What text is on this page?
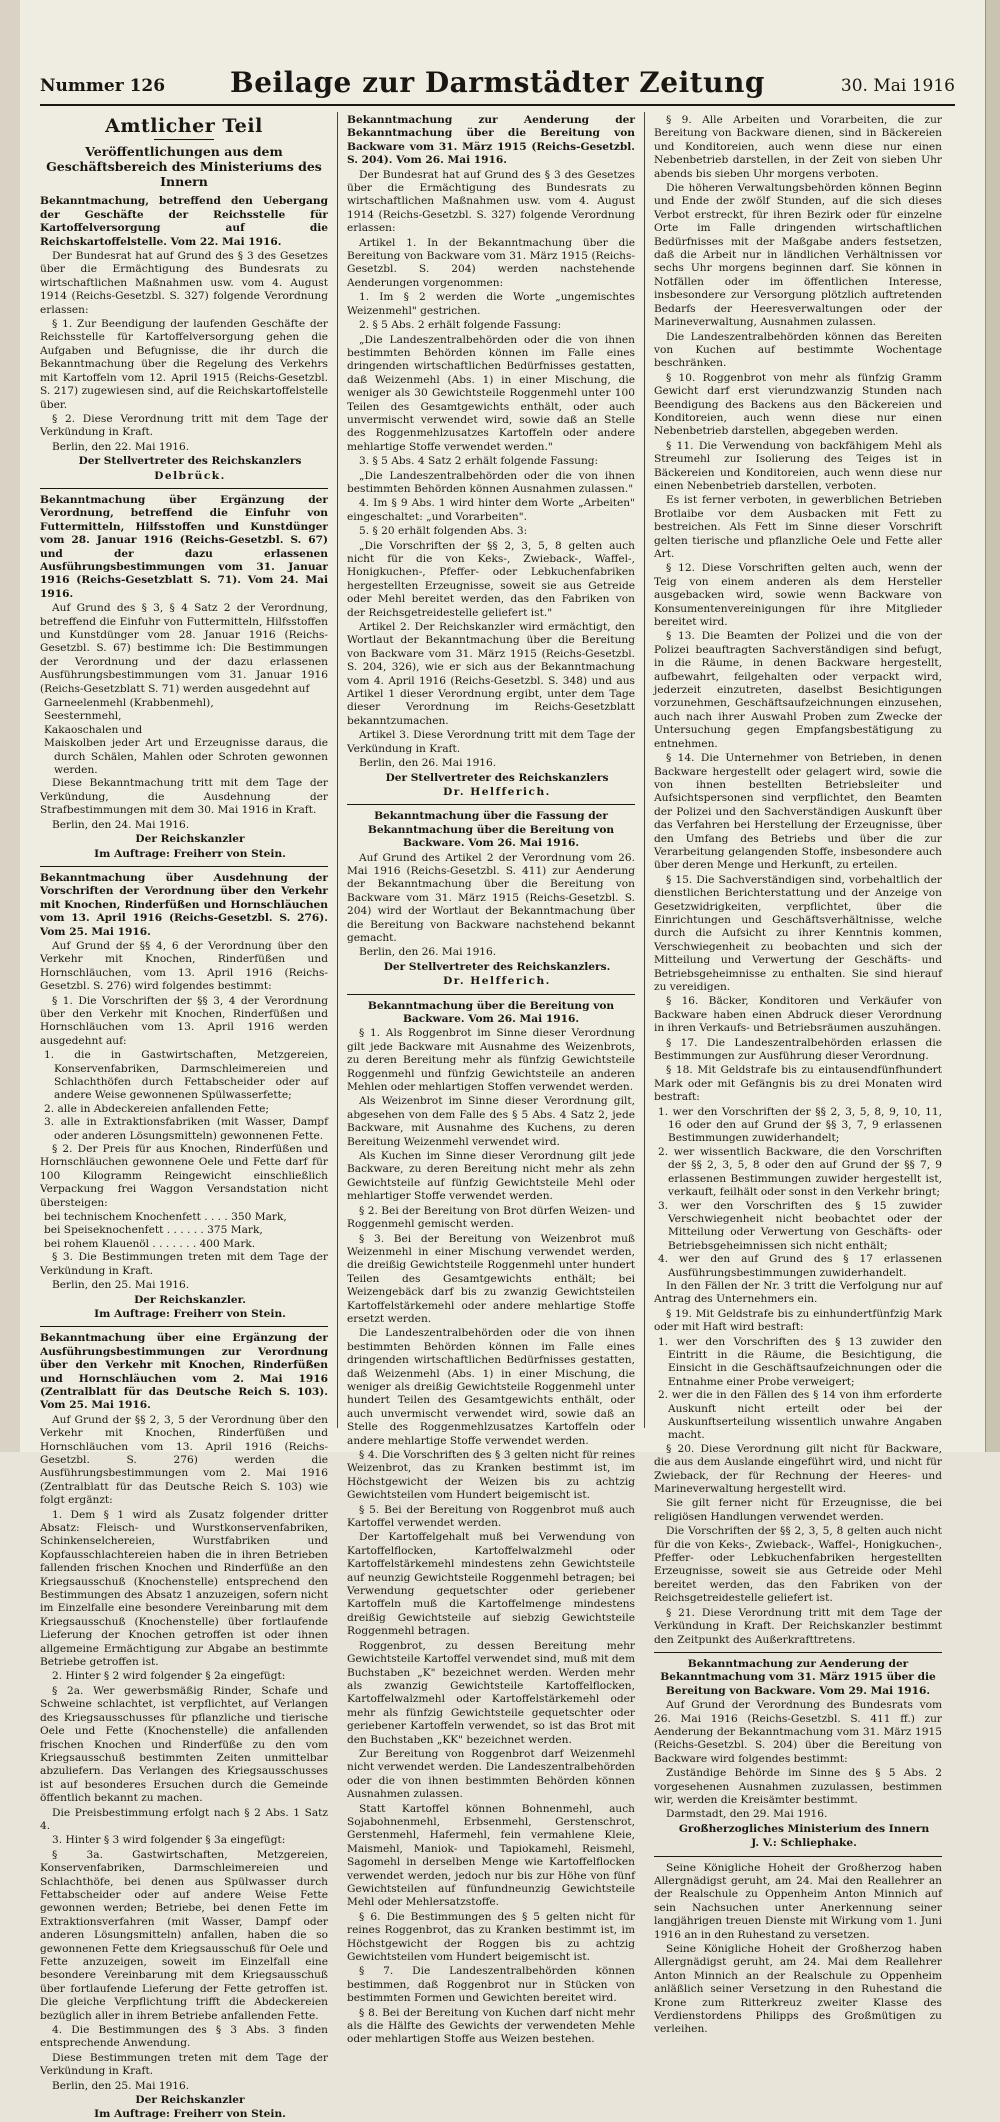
Nummer 126	Beilage zur Darmstädter Zeitung	30. Mai 1916
Amtlicher Teil
Veröffentlichungen aus dem Geschäftsbereich des Ministeriums des Innern

Bekanntmachung, betreffend den Uebergang der Geschäfte der Reichsstelle für Kartoffelversorgung auf die Reichskartoffelstelle. Vom 22. Mai 1916.

Der Bundesrat hat auf Grund des § 3 des Gesetzes über die Ermächtigung des Bundesrats zu wirtschaftlichen Maßnahmen usw. vom 4. August 1914 (Reichs-Gesetzbl. S. 327) folgende Verordnung erlassen:

§ 1. Zur Beendigung der laufenden Geschäfte der Reichsstelle für Kartoffelversorgung gehen die Aufgaben und Befugnisse, die ihr durch die Bekanntmachung über die Regelung des Verkehrs mit Kartoffeln vom 12. April 1915 (Reichs-Gesetzbl. S. 217) zugewiesen sind, auf die Reichskartoffelstelle über.

§ 2. Diese Verordnung tritt mit dem Tage der Verkündung in Kraft.

Berlin, den 22. Mai 1916.

Der Stellvertreter des Reichskanzlers

Delbrück.

Bekanntmachung über Ergänzung der Verordnung, betreffend die Einfuhr von Futtermitteln, Hilfsstoffen und Kunstdünger vom 28. Januar 1916 (Reichs-Gesetzbl. S. 67) und der dazu erlassenen Ausführungsbestimmungen vom 31. Januar 1916 (Reichs-Gesetzblatt S. 71). Vom 24. Mai 1916.

Auf Grund des § 3, § 4 Satz 2 der Verordnung, betreffend die Einfuhr von Futtermitteln, Hilfsstoffen und Kunstdünger vom 28. Januar 1916 (Reichs-Gesetzbl. S. 67) bestimme ich: Die Bestimmungen der Verordnung und der dazu erlassenen Ausführungsbestimmungen vom 31. Januar 1916 (Reichs-Gesetzblatt S. 71) werden ausgedehnt auf

Garneelenmehl (Krabbenmehl),
Seesternmehl,
Kakaoschalen und
Maiskolben jeder Art und Erzeugnisse daraus, die durch Schälen, Mahlen oder Schroten gewonnen werden.

Diese Bekanntmachung tritt mit dem Tage der Verkündung, die Ausdehnung der Strafbestimmungen mit dem 30. Mai 1916 in Kraft.

Berlin, den 24. Mai 1916.

Der Reichskanzler

Im Auftrage: Freiherr von Stein.

Bekanntmachung über Ausdehnung der Vorschriften der Verordnung über den Verkehr mit Knochen, Rinderfüßen und Hornschläuchen vom 13. April 1916 (Reichs-Gesetzbl. S. 276). Vom 25. Mai 1916.

Auf Grund der §§ 4, 6 der Verordnung über den Verkehr mit Knochen, Rinderfüßen und Hornschläuchen, vom 13. April 1916 (Reichs-Gesetzbl. S. 276) wird folgendes bestimmt:

§ 1. Die Vorschriften der §§ 3, 4 der Verordnung über den Verkehr mit Knochen, Rinderfüßen und Hornschläuchen vom 13. April 1916 werden ausgedehnt auf:

1. die in Gastwirtschaften, Metzgereien, Konservenfabriken, Darmschleimereien und Schlachthöfen durch Fettabscheider oder auf andere Weise gewonnenen Spülwasserfette;
2. alle in Abdeckereien anfallenden Fette;
3. alle in Extraktionsfabriken (mit Wasser, Dampf oder anderen Lösungsmitteln) gewonnenen Fette.

§ 2. Der Preis für aus Knochen, Rinderfüßen und Hornschläuchen gewonnene Oele und Fette darf für 100 Kilogramm Reingewicht einschließlich Verpackung frei Waggon Versandstation nicht übersteigen:

bei technischem Knochenfett . . . . 350 Mark,
bei Speiseknochenfett . . . . . . 375 Mark,
bei rohem Klauenöl . . . . . . . 400 Mark.

§ 3. Die Bestimmungen treten mit dem Tage der Verkündung in Kraft.

Berlin, den 25. Mai 1916.

Der Reichskanzler.

Im Auftrage: Freiherr von Stein.

Bekanntmachung über eine Ergänzung der Ausführungsbestimmungen zur Verordnung über den Verkehr mit Knochen, Rinderfüßen und Hornschläuchen vom 2. Mai 1916 (Zentralblatt für das Deutsche Reich S. 103). Vom 25. Mai 1916.

Auf Grund der §§ 2, 3, 5 der Verordnung über den Verkehr mit Knochen, Rinderfüßen und Hornschläuchen vom 13. April 1916 (Reichs-Gesetzbl. S. 276) werden die Ausführungsbestimmungen vom 2. Mai 1916 (Zentralblatt für das Deutsche Reich S. 103) wie folgt ergänzt:

1. Dem § 1 wird als Zusatz folgender dritter Absatz: Fleisch- und Wurstkonservenfabriken, Schinkenselchereien, Wurstfabriken und Kopfausschlachtereien haben die in ihren Betrieben fallenden frischen Knochen und Rinderfüße an den Kriegsausschuß (Knochenstelle) entsprechend den Bestimmungen des Absatz 1 anzuzeigen, sofern nicht im Einzelfalle eine besondere Vereinbarung mit dem Kriegsausschuß (Knochenstelle) über fortlaufende Lieferung der Knochen getroffen ist oder ihnen allgemeine Ermächtigung zur Abgabe an bestimmte Betriebe getroffen ist.

2. Hinter § 2 wird folgender § 2a eingefügt:

§ 2a. Wer gewerbsmäßig Rinder, Schafe und Schweine schlachtet, ist verpflichtet, auf Verlangen des Kriegsausschusses für pflanzliche und tierische Oele und Fette (Knochenstelle) die anfallenden frischen Knochen und Rinderfüße zu den vom Kriegsausschuß bestimmten Zeiten unmittelbar abzuliefern. Das Verlangen des Kriegsausschusses ist auf besonderes Ersuchen durch die Gemeinde öffentlich bekannt zu machen.

Die Preisbestimmung erfolgt nach § 2 Abs. 1 Satz 4.

3. Hinter § 3 wird folgender § 3a eingefügt:

§ 3a. Gastwirtschaften, Metzgereien, Konservenfabriken, Darmschleimereien und Schlachthöfe, bei denen aus Spülwasser durch Fettabscheider oder auf andere Weise Fette gewonnen werden; Betriebe, bei denen Fette im Extraktionsverfahren (mit Wasser, Dampf oder anderen Lösungsmitteln) anfallen, haben die so gewonnenen Fette dem Kriegsausschuß für Oele und Fette anzuzeigen, soweit im Einzelfall eine besondere Vereinbarung mit dem Kriegsausschuß über fortlaufende Lieferung der Fette getroffen ist. Die gleiche Verpflichtung trifft die Abdeckereien bezüglich aller in ihrem Betriebe anfallenden Fette.

4. Die Bestimmungen des § 3 Abs. 3 finden entsprechende Anwendung.

Diese Bestimmungen treten mit dem Tage der Verkündung in Kraft.

Berlin, den 25. Mai 1916.

Der Reichskanzler

Im Auftrage: Freiherr von Stein.

Bekanntmachung zur Aenderung der Bekanntmachung über die Bereitung von Backware vom 31. März 1915 (Reichs-Gesetzbl. S. 204). Vom 26. Mai 1916.

Der Bundesrat hat auf Grund des § 3 des Gesetzes über die Ermächtigung des Bundesrats zu wirtschaftlichen Maßnahmen usw. vom 4. August 1914 (Reichs-Gesetzbl. S. 327) folgende Verordnung erlassen:

Artikel 1. In der Bekanntmachung über die Bereitung von Backware vom 31. März 1915 (Reichs-Gesetzbl. S. 204) werden nachstehende Aenderungen vorgenommen:

1. Im § 2 werden die Worte „ungemischtes Weizenmehl" gestrichen.

2. § 5 Abs. 2 erhält folgende Fassung:

„Die Landeszentralbehörden oder die von ihnen bestimmten Behörden können im Falle eines dringenden wirtschaftlichen Bedürfnisses gestatten, daß Weizenmehl (Abs. 1) in einer Mischung, die weniger als 30 Gewichtsteile Roggenmehl unter 100 Teilen des Gesamtgewichts enthält, oder auch unvermischt verwendet wird, sowie daß an Stelle des Roggenmehlzusatzes Kartoffeln oder andere mehlartige Stoffe verwendet werden."

3. § 5 Abs. 4 Satz 2 erhält folgende Fassung:

„Die Landeszentralbehörden oder die von ihnen bestimmten Behörden können Ausnahmen zulassen."

4. Im § 9 Abs. 1 wird hinter dem Worte „Arbeiten" eingeschaltet: „und Vorarbeiten".

5. § 20 erhält folgenden Abs. 3:

„Die Vorschriften der §§ 2, 3, 5, 8 gelten auch nicht für die von Keks-, Zwieback-, Waffel-, Honigkuchen-, Pfeffer- oder Lebkuchenfabriken hergestellten Erzeugnisse, soweit sie aus Getreide oder Mehl bereitet werden, das den Fabriken von der Reichsgetreidestelle geliefert ist."

Artikel 2. Der Reichskanzler wird ermächtigt, den Wortlaut der Bekanntmachung über die Bereitung von Backware vom 31. März 1915 (Reichs-Gesetzbl. S. 204, 326), wie er sich aus der Bekanntmachung vom 4. April 1916 (Reichs-Gesetzbl. S. 348) und aus Artikel 1 dieser Verordnung ergibt, unter dem Tage dieser Verordnung im Reichs-Gesetzblatt bekanntzumachen.

Artikel 3. Diese Verordnung tritt mit dem Tage der Verkündung in Kraft.

Berlin, den 26. Mai 1916.

Der Stellvertreter des Reichskanzlers

Dr. Helfferich.

Bekanntmachung über die Fassung der Bekanntmachung über die Bereitung von Backware. Vom 26. Mai 1916.

Auf Grund des Artikel 2 der Verordnung vom 26. Mai 1916 (Reichs-Gesetzbl. S. 411) zur Aenderung der Bekanntmachung über die Bereitung von Backware vom 31. März 1915 (Reichs-Gesetzbl. S. 204) wird der Wortlaut der Bekanntmachung über die Bereitung von Backware nachstehend bekannt gemacht.

Berlin, den 26. Mai 1916.

Der Stellvertreter des Reichskanzlers.

Dr. Helfferich.

Bekanntmachung über die Bereitung von Backware. Vom 26. Mai 1916.

§ 1. Als Roggenbrot im Sinne dieser Verordnung gilt jede Backware mit Ausnahme des Weizenbrots, zu deren Bereitung mehr als fünfzig Gewichtsteile Roggenmehl und fünfzig Gewichtsteile an anderen Mehlen oder mehlartigen Stoffen verwendet werden.

Als Weizenbrot im Sinne dieser Verordnung gilt, abgesehen von dem Falle des § 5 Abs. 4 Satz 2, jede Backware, mit Ausnahme des Kuchens, zu deren Bereitung Weizenmehl verwendet wird.

Als Kuchen im Sinne dieser Verordnung gilt jede Backware, zu deren Bereitung nicht mehr als zehn Gewichtsteile auf fünfzig Gewichtsteile Mehl oder mehlartiger Stoffe verwendet werden.

§ 2. Bei der Bereitung von Brot dürfen Weizen- und Roggenmehl gemischt werden.

§ 3. Bei der Bereitung von Weizenbrot muß Weizenmehl in einer Mischung verwendet werden, die dreißig Gewichtsteile Roggenmehl unter hundert Teilen des Gesamtgewichts enthält; bei Weizengebäck darf bis zu zwanzig Gewichtsteilen Kartoffelstärkemehl oder andere mehlartige Stoffe ersetzt werden.

Die Landeszentralbehörden oder die von ihnen bestimmten Behörden können im Falle eines dringenden wirtschaftlichen Bedürfnisses gestatten, daß Weizenmehl (Abs. 1) in einer Mischung, die weniger als dreißig Gewichtsteile Roggenmehl unter hundert Teilen des Gesamtgewichts enthält, oder auch unvermischt verwendet wird, sowie daß an Stelle des Roggenmehlzusatzes Kartoffeln oder andere mehlartige Stoffe verwendet werden.

§ 4. Die Vorschriften des § 3 gelten nicht für reines Weizenbrot, das zu Kranken bestimmt ist, im Höchstgewicht der Weizen bis zu achtzig Gewichtsteilen vom Hundert beigemischt ist.

§ 5. Bei der Bereitung von Roggenbrot muß auch Kartoffel verwendet werden.

Der Kartoffelgehalt muß bei Verwendung von Kartoffelflocken, Kartoffelwalzmehl oder Kartoffelstärkemehl mindestens zehn Gewichtsteile auf neunzig Gewichtsteile Roggenmehl betragen; bei Verwendung gequetschter oder geriebener Kartoffeln muß die Kartoffelmenge mindestens dreißig Gewichtsteile auf siebzig Gewichtsteile Roggenmehl betragen.

Roggenbrot, zu dessen Bereitung mehr Gewichtsteile Kartoffel verwendet sind, muß mit dem Buchstaben „K" bezeichnet werden. Werden mehr als zwanzig Gewichtsteile Kartoffelflocken, Kartoffelwalzmehl oder Kartoffelstärkemehl oder mehr als fünfzig Gewichtsteile gequetschter oder geriebener Kartoffeln verwendet, so ist das Brot mit den Buchstaben „KK" bezeichnet werden.

Zur Bereitung von Roggenbrot darf Weizenmehl nicht verwendet werden. Die Landeszentralbehörden oder die von ihnen bestimmten Behörden können Ausnahmen zulassen.

Statt Kartoffel können Bohnenmehl, auch Sojabohnenmehl, Erbsenmehl, Gerstenschrot, Gerstenmehl, Hafermehl, fein vermahlene Kleie, Maismehl, Maniok- und Tapiokamehl, Reismehl, Sagomehl in derselben Menge wie Kartoffelflocken verwendet werden, jedoch nur bis zur Höhe von fünf Gewichtsteilen auf fünfundneunzig Gewichtsteile Mehl oder Mehlersatzstoffe.

§ 6. Die Bestimmungen des § 5 gelten nicht für reines Roggenbrot, das zu Kranken bestimmt ist, im Höchstgewicht der Roggen bis zu achtzig Gewichtsteilen vom Hundert beigemischt ist.

§ 7. Die Landeszentralbehörden können bestimmen, daß Roggenbrot nur in Stücken von bestimmten Formen und Gewichten bereitet wird.

§ 8. Bei der Bereitung von Kuchen darf nicht mehr als die Hälfte des Gewichts der verwendeten Mehle oder mehlartigen Stoffe aus Weizen bestehen.

§ 9. Alle Arbeiten und Vorarbeiten, die zur Bereitung von Backware dienen, sind in Bäckereien und Konditoreien, auch wenn diese nur einen Nebenbetrieb darstellen, in der Zeit von sieben Uhr abends bis sieben Uhr morgens verboten.

Die höheren Verwaltungsbehörden können Beginn und Ende der zwölf Stunden, auf die sich dieses Verbot erstreckt, für ihren Bezirk oder für einzelne Orte im Falle dringenden wirtschaftlichen Bedürfnisses mit der Maßgabe anders festsetzen, daß die Arbeit nur in ländlichen Verhältnissen vor sechs Uhr morgens beginnen darf. Sie können in Notfällen oder im öffentlichen Interesse, insbesondere zur Versorgung plötzlich auftretenden Bedarfs der Heeresverwaltungen oder der Marineverwaltung, Ausnahmen zulassen.

Die Landeszentralbehörden können das Bereiten von Kuchen auf bestimmte Wochentage beschränken.

§ 10. Roggenbrot von mehr als fünfzig Gramm Gewicht darf erst vierundzwanzig Stunden nach Beendigung des Backens aus den Bäckereien und Konditoreien, auch wenn diese nur einen Nebenbetrieb darstellen, abgegeben werden.

§ 11. Die Verwendung von backfähigem Mehl als Streumehl zur Isolierung des Teiges ist in Bäckereien und Konditoreien, auch wenn diese nur einen Nebenbetrieb darstellen, verboten.

Es ist ferner verboten, in gewerblichen Betrieben Brotlaibe vor dem Ausbacken mit Fett zu bestreichen. Als Fett im Sinne dieser Vorschrift gelten tierische und pflanzliche Oele und Fette aller Art.

§ 12. Diese Vorschriften gelten auch, wenn der Teig von einem anderen als dem Hersteller ausgebacken wird, sowie wenn Backware von Konsumentenvereinigungen für ihre Mitglieder bereitet wird.

§ 13. Die Beamten der Polizei und die von der Polizei beauftragten Sachverständigen sind befugt, in die Räume, in denen Backware hergestellt, aufbewahrt, feilgehalten oder verpackt wird, jederzeit einzutreten, daselbst Besichtigungen vorzunehmen, Geschäftsaufzeichnungen einzusehen, auch nach ihrer Auswahl Proben zum Zwecke der Untersuchung gegen Empfangsbestätigung zu entnehmen.

§ 14. Die Unternehmer von Betrieben, in denen Backware hergestellt oder gelagert wird, sowie die von ihnen bestellten Betriebsleiter und Aufsichtspersonen sind verpflichtet, den Beamten der Polizei und den Sachverständigen Auskunft über das Verfahren bei Herstellung der Erzeugnisse, über den Umfang des Betriebs und über die zur Verarbeitung gelangenden Stoffe, insbesondere auch über deren Menge und Herkunft, zu erteilen.

§ 15. Die Sachverständigen sind, vorbehaltlich der dienstlichen Berichterstattung und der Anzeige von Gesetzwidrigkeiten, verpflichtet, über die Einrichtungen und Geschäftsverhältnisse, welche durch die Aufsicht zu ihrer Kenntnis kommen, Verschwiegenheit zu beobachten und sich der Mitteilung und Verwertung der Geschäfts- und Betriebsgeheimnisse zu enthalten. Sie sind hierauf zu vereidigen.

§ 16. Bäcker, Konditoren und Verkäufer von Backware haben einen Abdruck dieser Verordnung in ihren Verkaufs- und Betriebsräumen auszuhängen.

§ 17. Die Landeszentralbehörden erlassen die Bestimmungen zur Ausführung dieser Verordnung.

§ 18. Mit Geldstrafe bis zu eintausendfünfhundert Mark oder mit Gefängnis bis zu drei Monaten wird bestraft:

1. wer den Vorschriften der §§ 2, 3, 5, 8, 9, 10, 11, 16 oder den auf Grund der §§ 3, 7, 9 erlassenen Bestimmungen zuwiderhandelt;
2. wer wissentlich Backware, die den Vorschriften der §§ 2, 3, 5, 8 oder den auf Grund der §§ 7, 9 erlassenen Bestimmungen zuwider hergestellt ist, verkauft, feilhält oder sonst in den Verkehr bringt;
3. wer den Vorschriften des § 15 zuwider Verschwiegenheit nicht beobachtet oder der Mitteilung oder Verwertung von Geschäfts- oder Betriebsgeheimnissen sich nicht enthält;
4. wer den auf Grund des § 17 erlassenen Ausführungsbestimmungen zuwiderhandelt.

In den Fällen der Nr. 3 tritt die Verfolgung nur auf Antrag des Unternehmers ein.

§ 19. Mit Geldstrafe bis zu einhundertfünfzig Mark oder mit Haft wird bestraft:

1. wer den Vorschriften des § 13 zuwider den Eintritt in die Räume, die Besichtigung, die Einsicht in die Geschäftsaufzeichnungen oder die Entnahme einer Probe verweigert;
2. wer die in den Fällen des § 14 von ihm erforderte Auskunft nicht erteilt oder bei der Auskunftserteilung wissentlich unwahre Angaben macht.

§ 20. Diese Verordnung gilt nicht für Backware, die aus dem Auslande eingeführt wird, und nicht für Zwieback, der für Rechnung der Heeres- und Marineverwaltung hergestellt wird.

Sie gilt ferner nicht für Erzeugnisse, die bei religiösen Handlungen verwendet werden.

Die Vorschriften der §§ 2, 3, 5, 8 gelten auch nicht für die von Keks-, Zwieback-, Waffel-, Honigkuchen-, Pfeffer- oder Lebkuchenfabriken hergestellten Erzeugnisse, soweit sie aus Getreide oder Mehl bereitet werden, das den Fabriken von der Reichsgetreidestelle geliefert ist.

§ 21. Diese Verordnung tritt mit dem Tage der Verkündung in Kraft. Der Reichskanzler bestimmt den Zeitpunkt des Außerkrafttretens.

Bekanntmachung zur Aenderung der Bekanntmachung vom 31. März 1915 über die Bereitung von Backware. Vom 29. Mai 1916.

Auf Grund der Verordnung des Bundesrats vom 26. Mai 1916 (Reichs-Gesetzbl. S. 411 ff.) zur Aenderung der Bekanntmachung vom 31. März 1915 (Reichs-Gesetzbl. S. 204) über die Bereitung von Backware wird folgendes bestimmt:

Zuständige Behörde im Sinne des § 5 Abs. 2 vorgesehenen Ausnahmen zuzulassen, bestimmen wir, werden die Kreisämter bestimmt.

Darmstadt, den 29. Mai 1916.

Großherzogliches Ministerium des Innern

J. V.: Schliephake.

Seine Königliche Hoheit der Großherzog haben Allergnädigst geruht, am 24. Mai den Reallehrer an der Realschule zu Oppenheim Anton Minnich auf sein Nachsuchen unter Anerkennung seiner langjährigen treuen Dienste mit Wirkung vom 1. Juni 1916 an in den Ruhestand zu versetzen.

Seine Königliche Hoheit der Großherzog haben Allergnädigst geruht, am 24. Mai dem Reallehrer Anton Minnich an der Realschule zu Oppenheim anläßlich seiner Versetzung in den Ruhestand die Krone zum Ritterkreuz zweiter Klasse des Verdienstordens Philipps des Großmütigen zu verleihen.
